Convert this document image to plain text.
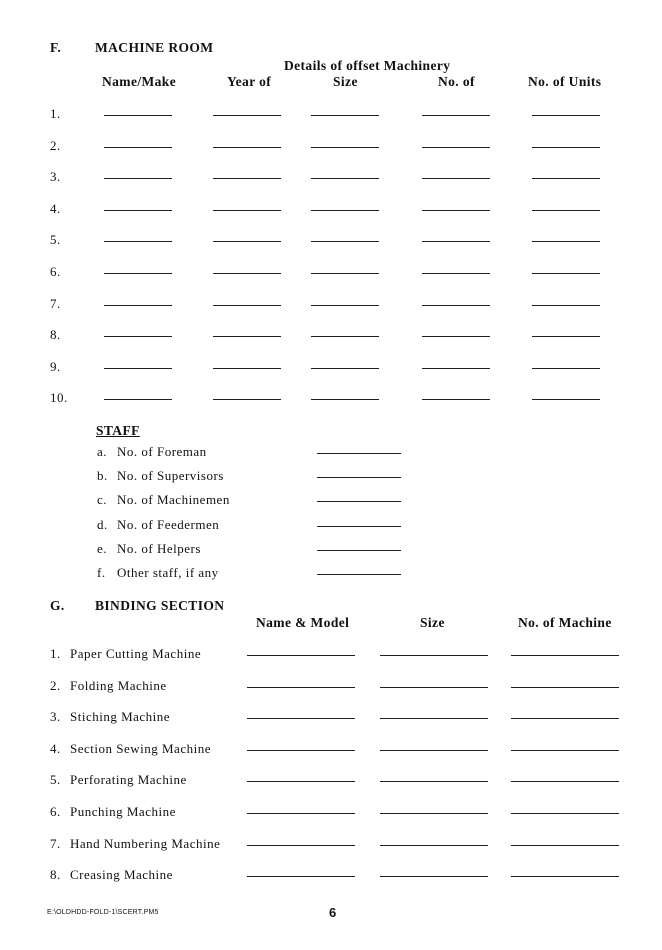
F.	MACHINE ROOM
Details of offset Machinery
Name/Make	Year of	Size	No. of	No. of Units
1.
2.
3.
4.
5.
6.
7.
8.
9.
10.
STAFF
a. No. of Foreman
b. No. of Supervisors
c. No. of Machinemen
d. No. of Feedermen
e. No. of Helpers
f. Other staff, if any
G. BINDING SECTION
Name & Model	Size	No. of Machine
1. Paper Cutting Machine
2. Folding Machine
3. Stiching Machine
4. Section Sewing Machine
5. Perforating Machine
6. Punching Machine
7. Hand Numbering Machine
8. Creasing Machine
E:\OLDHDD-FOLD-1\SCERT.PM5	6
